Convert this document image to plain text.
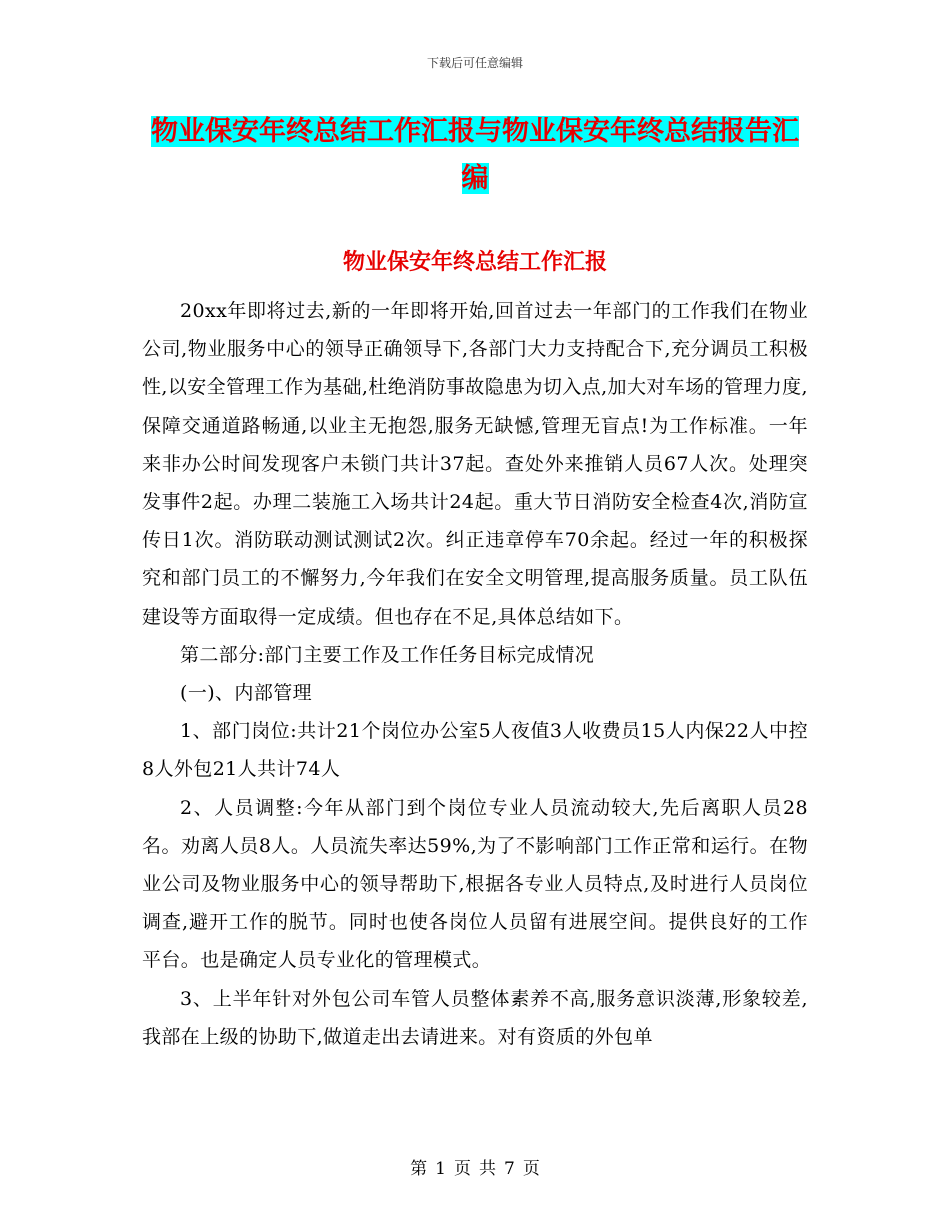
下载后可任意编辑
物业保安年终总结工作汇报与物业保安年终总结报告汇编
物业保安年终总结工作汇报

20xx年即将过去,新的一年即将开始,回首过去一年部门的工作我们在物业公司,物业服务中心的领导正确领导下,各部门大力支持配合下,充分调员工积极性,以安全管理工作为基础,杜绝消防事故隐患为切入点,加大对车场的管理力度,保障交通道路畅通,以业主无抱怨,服务无缺憾,管理无盲点!为工作标准。一年来非办公时间发现客户未锁门共计37起。查处外来推销人员67人次。处理突发事件2起。办理二装施工入场共计24起。重大节日消防安全检查4次,消防宣传日1次。消防联动测试测试2次。纠正违章停车70余起。经过一年的积极探究和部门员工的不懈努力,今年我们在安全文明管理,提高服务质量。员工队伍建设等方面取得一定成绩。但也存在不足,具体总结如下。

第二部分:部门主要工作及工作任务目标完成情况

(一)、内部管理

1、部门岗位:共计21个岗位办公室5人夜值3人收费员15人内保22人中控8人外包21人共计74人

2、人员调整:今年从部门到个岗位专业人员流动较大,先后离职人员28名。劝离人员8人。人员流失率达59%,为了不影响部门工作正常和运行。在物业公司及物业服务中心的领导帮助下,根据各专业人员特点,及时进行人员岗位调查,避开工作的脱节。同时也使各岗位人员留有进展空间。提供良好的工作平台。也是确定人员专业化的管理模式。

3、上半年针对外包公司车管人员整体素养不高,服务意识淡薄,形象较差,我部在上级的协助下,做道走出去请进来。对有资质的外包单

第 1 页 共 7 页
